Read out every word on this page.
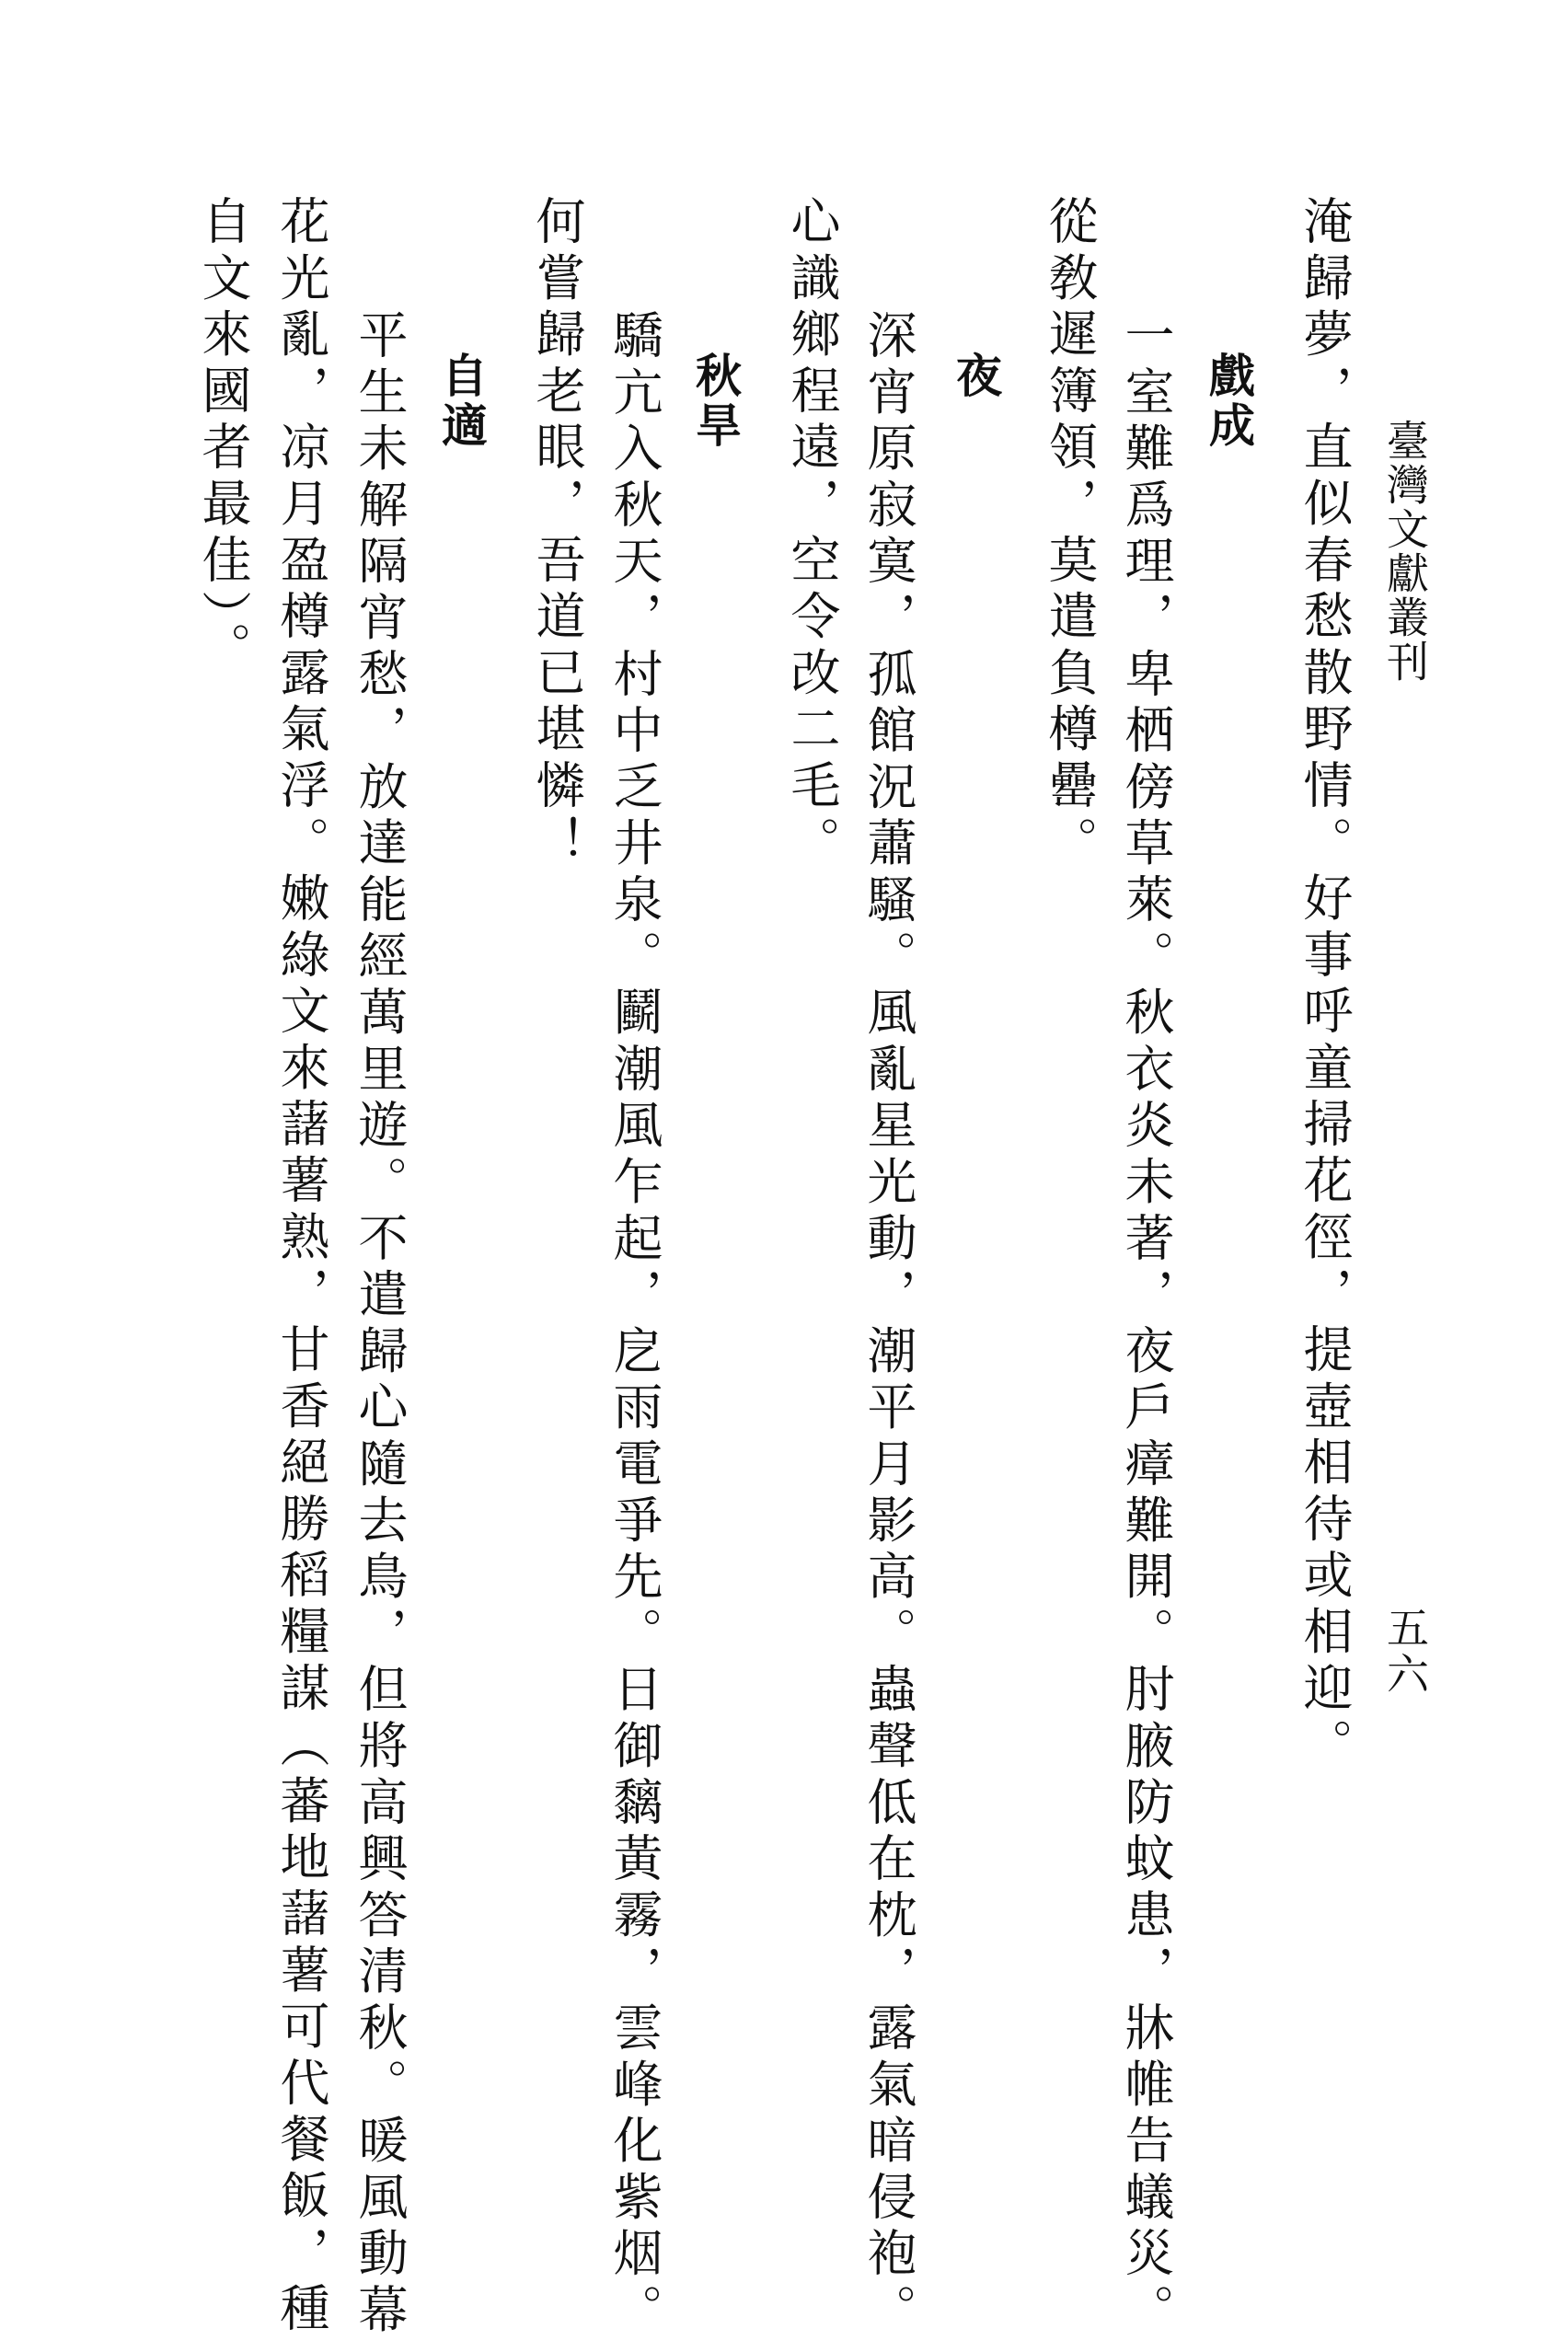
臺灣文獻叢刊
五六
淹歸夢，直似春愁散野情。好事呼童掃花徑，提壺相待或相迎。
戲成
一室難爲理，卑栖傍草萊。秋衣炎未著，夜戶瘴難開。肘腋防蚊患，牀帷告蟻災。
從敎遲簿領，莫遣負樽罍。
夜
深宵原寂寞，孤館況蕭騷。風亂星光動，潮平月影高。蟲聲低在枕，露氣暗侵袍。
心識鄉程遠，空令改二毛。
秋旱
驕亢入秋天，村中乏井泉。鬬潮風乍起，戹雨電爭先。日御黐黃霧，雲峰化紫烟。
何嘗歸老眼，吾道已堪憐！
自適
平生未解隔宵愁，放達能經萬里遊。不遣歸心隨去鳥，但將高興答清秋。暖風動幕
花光亂，凉月盈樽露氣浮。嫩綠文來藷薯熟，甘香絕勝稻糧謀（蕃地藷薯可代餐飯，種
自文來國者最佳）。
